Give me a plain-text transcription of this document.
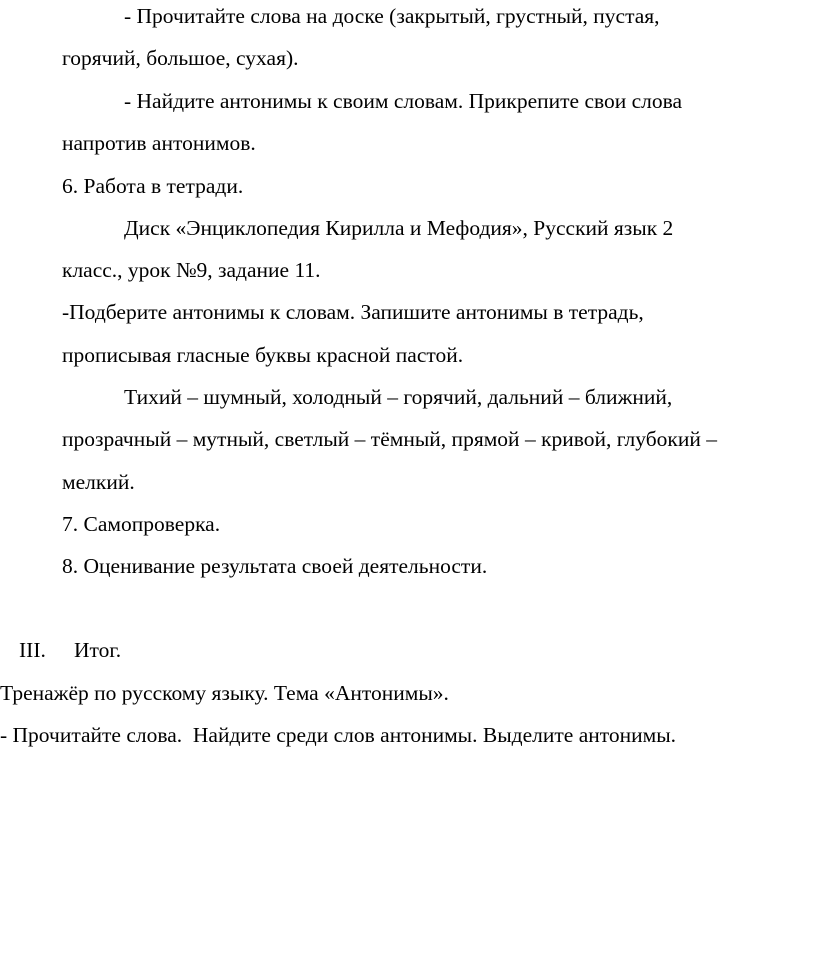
- Прочитайте слова на доске (закрытый, грустный, пустая,

горячий, большое, сухая).

- Найдите антонимы к своим словам. Прикрепите свои слова

напротив антонимов.

6. Работа в тетради.

Диск «Энциклопедия Кирилла и Мефодия», Русский язык 2

класс., урок №9, задание 11.

-Подберите антонимы к словам. Запишите антонимы в тетрадь,

прописывая гласные буквы красной пастой.

Тихий – шумный, холодный – горячий, дальний – ближний,

прозрачный – мутный, светлый – тёмный, прямой – кривой, глубокий –

мелкий.

7. Самопроверка.

8. Оценивание результата своей деятельности.

III. Итог.

Тренажёр по русскому языку. Тема «Антонимы».

- Прочитайте слова.  Найдите среди слов антонимы. Выделите антонимы.
